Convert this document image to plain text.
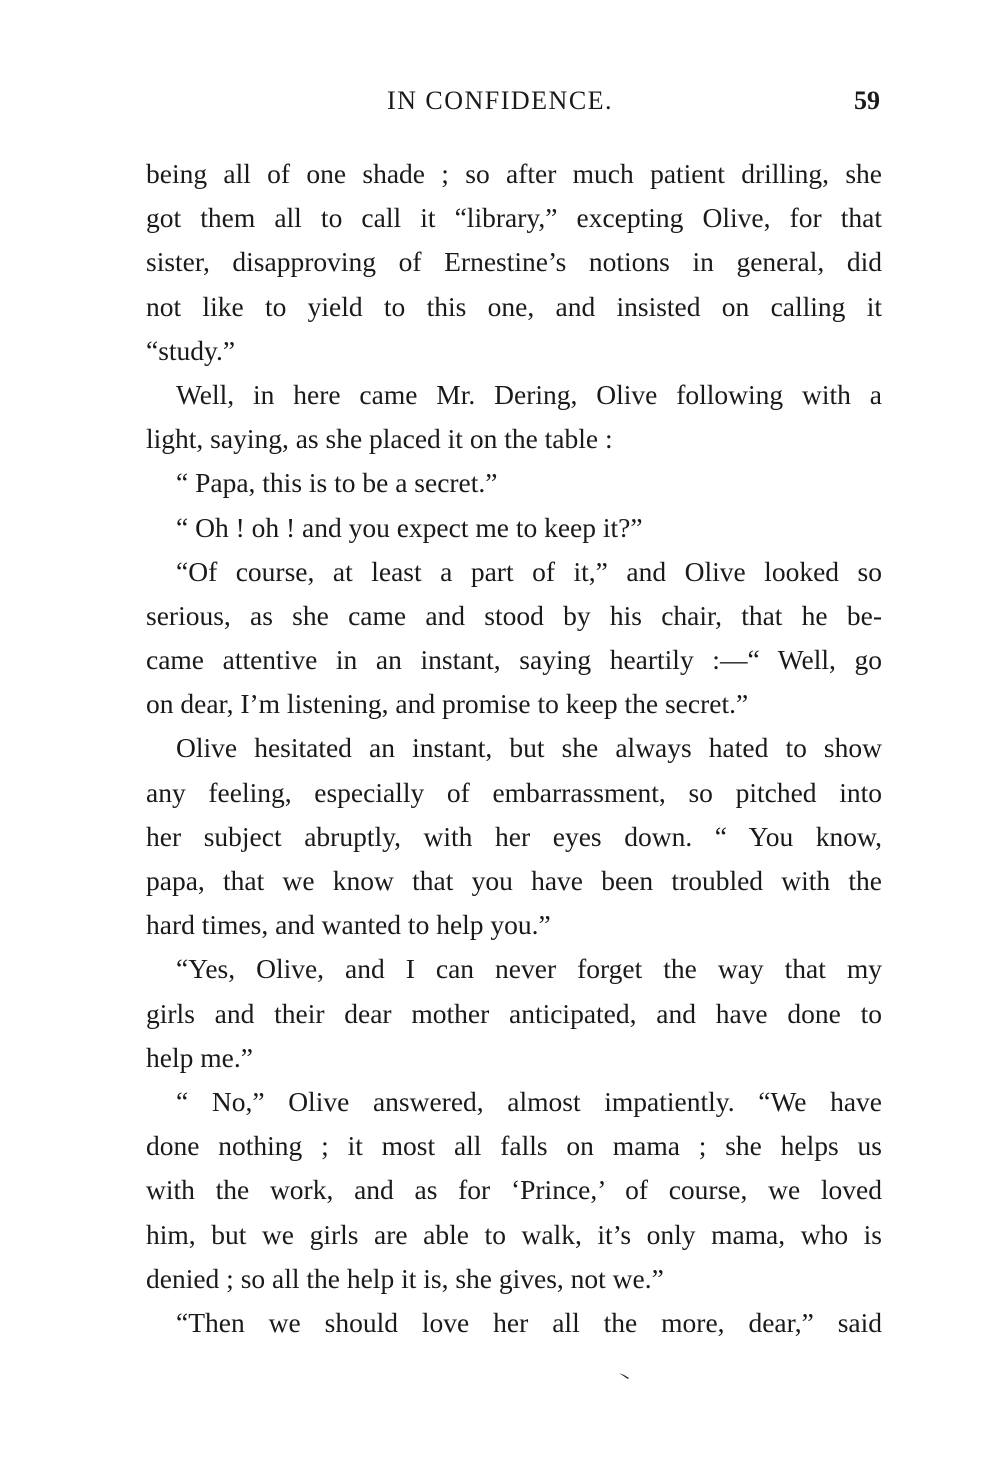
IN CONFIDENCE.	59
being all of one shade ; so after much patient drilling, she
got them all to call it “library,” excepting Olive, for that
sister, disapproving of Ernestine’s notions in general, did
not like to yield to this one, and insisted on calling it
“study.”
Well, in here came Mr. Dering, Olive following with a
light, saying, as she placed it on the table :
“ Papa, this is to be a secret.”
“ Oh ! oh ! and you expect me to keep it?”
“Of course, at least a part of it,” and Olive looked so
serious, as she came and stood by his chair, that he be-
came attentive in an instant, saying heartily :—“ Well, go
on dear, I’m listening, and promise to keep the secret.”
Olive hesitated an instant, but she always hated to show
any feeling, especially of embarrassment, so pitched into
her subject abruptly, with her eyes down. “ You know,
papa, that we know that you have been troubled with the
hard times, and wanted to help you.”
“Yes, Olive, and I can never forget the way that my
girls and their dear mother anticipated, and have done to
help me.”
“ No,” Olive answered, almost impatiently. “We have
done nothing ; it most all falls on mama ; she helps us
with the work, and as for ‘Prince,’ of course, we loved
him, but we girls are able to walk, it’s only mama, who is
denied ; so all the help it is, she gives, not we.”
“Then we should love her all the more, dear,” said
